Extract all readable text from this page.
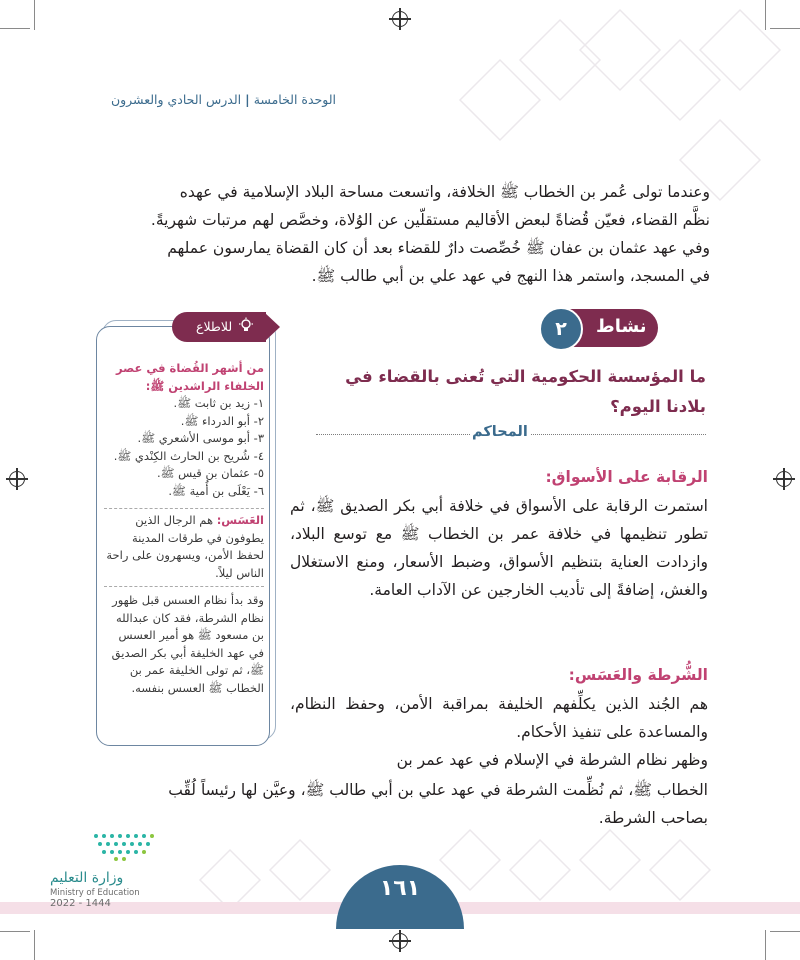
الوحدة الخامسة|الدرس الحادي والعشرون

وعندما تولى عُمر بن الخطاب ﷺ الخلافة، واتسعت مساحة البلاد الإسلامية في عهده

نظَّم القضاء، فعيّن قُضاةً لبعض الأقاليم مستقلّين عن الوُلاة، وخصَّص لهم مرتبات شهريةً.

وفي عهد عثمان بن عفان ﷺ خُصِّصت دارٌ للقضاء بعد أن كان القضاة يمارسون عملهم

في المسجد، واستمر هذا النهج في عهد علي بن أبي طالب ﷺ.

نشاط
٢
ما المؤسسة الحكومية التي تُعنى بالقضاء في بلادنا اليوم؟
المحاكم
الرقابة على الأسواق:

استمرت الرقابة على الأسواق في خلافة أبي بكر الصديق ﷺ، ثم تطور تنظيمها في خلافة عمر بن الخطاب ﷺ مع توسع البلاد، وازدادت العناية بتنظيم الأسواق، وضبط الأسعار، ومنع الاستغلال والغش، إضافةً إلى تأديب الخارجين عن الآداب العامة.

الشُّرطة والعَسَس:

هم الجُند الذين يكلِّفهم الخليفة بمراقبة الأمن، وحفظ النظام، والمساعدة على تنفيذ الأحكام.

وظهر نظام الشرطة في الإسلام في عهد عمر بن

الخطاب ﷺ، ثم نُظِّمت الشرطة في عهد علي بن أبي طالب ﷺ، وعيَّن لها رئيساً لُقِّب

بصاحب الشرطة.

للاطلاع
من أشهر القُضاة في عصر الخلفاء الراشدين ﷺ:
١- زيد بن ثابت ﷺ.
٢- أبو الدرداء ﷺ.
٣- أبو موسى الأشعري ﷺ.
٤- شُريح بن الحارث الكِنْدي ﷺ.
٥- عثمان بن قيس ﷺ.
٦- يَعْلَى بن أُمية ﷺ.
العَسَس: هم الرجال الذين يطوفون في طرقات المدينة لحفظ الأمن، ويسهرون على راحة الناس ليلاً.
وقد بدأ نظام العسس قبل ظهور نظام الشرطة، فقد كان عبدالله بن مسعود ﷺ هو أمير العسس في عهد الخليفة أبي بكر الصديق ﷺ، ثم تولى الخليفة عمر بن الخطاب ﷺ العسس بنفسه.
١٦١
وزارة التعليم
Ministry of Education
2022 - 1444
